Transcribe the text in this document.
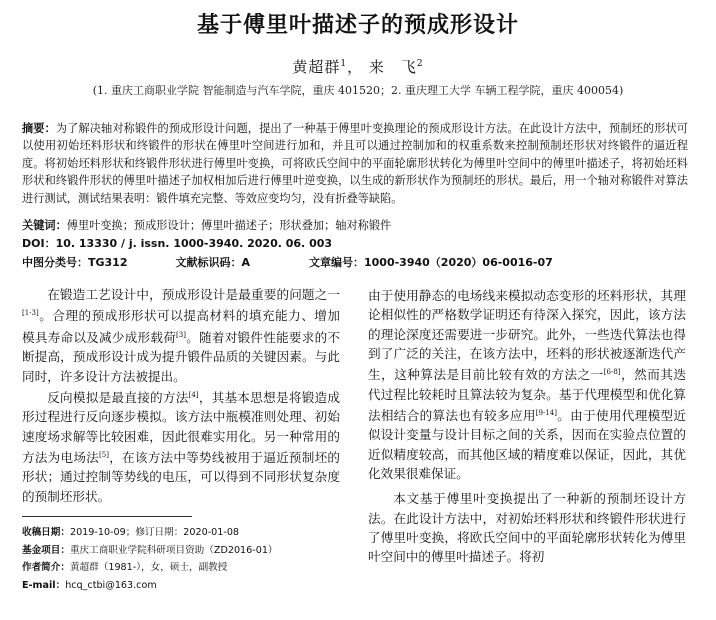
基于傅里叶描述子的预成形设计
黄超群$^1$， 来　飞$^2$
(1. 重庆工商职业学院 智能制造与汽车学院，重庆 401520；2. 重庆理工大学 车辆工程学院，重庆 400054)
摘要：为了解决轴对称锻件的预成形设计问题，提出了一种基于傅里叶变换理论的预成形设计方法。在此设计方法中，预制坯的形状可以使用初始坯料形状和终锻件的形状在傅里叶空间进行加和，并且可以通过控制加和的权重系数来控制预制坯形状对终锻件的逼近程度。将初始坯料形状和终锻件形状进行傅里叶变换，可将欧氏空间中的平面轮廓形状转化为傅里叶空间中的傅里叶描述子，将初始坯料形状和终锻件形状的傅里叶描述子加权相加后进行傅里叶逆变换，以生成的新形状作为预制坯的形状。最后，用一个轴对称锻件对算法进行测试，测试结果表明：锻件填充完整、等效应变均匀，没有折叠等缺陷。
关键词：傅里叶变换；预成形设计；傅里叶描述子；形状叠加；轴对称锻件
DOI：10. 13330 / j. issn. 1000-3940. 2020. 06. 003
中图分类号：TG312	文献标识码：A	文章编号：1000-3940（2020）06-0016-07

在锻造工艺设计中，预成形设计是最重要的问题之一[1-3]。合理的预成形形状可以提高材料的填充能力、增加模具寿命以及减少成形载荷[3]。随着对锻件性能要求的不断提高，预成形设计成为提升锻件品质的关键因素。与此同时，许多设计方法被提出。

反向模拟是最直接的方法[4]，其基本思想是将锻造成形过程进行反向逐步模拟。该方法中瓶模准则处理、初始速度场求解等比较困难，因此很难实用化。另一种常用的方法为电场法[5]，在该方法中等势线被用于逼近预制坯的形状；通过控制等势线的电压，可以得到不同形状复杂度的预制坯形状。

由于使用静态的电场线来模拟动态变形的坯料形状，其理论相似性的严格数学证明还有待深入探究，因此，该方法的理论深度还需要进一步研究。此外，一些迭代算法也得到了广泛的关注，在该方法中，坯料的形状被逐渐迭代产生，这种算法是目前比较有效的方法之一[6-8]，然而其迭代过程比较耗时且算法较为复杂。基于代理模型和优化算法相结合的算法也有较多应用[9-14]。由于使用代理模型近似设计变量与设计目标之间的关系，因而在实验点位置的近似精度较高，而其他区域的精度难以保证，因此，其优化效果很难保证。

本文基于傅里叶变换提出了一种新的预制坯设计方法。在此设计方法中，对初始坯料形状和终锻件形状进行了傅里叶变换，将欧氏空间中的平面轮廓形状转化为傅里叶空间中的傅里叶描述子。将初

收稿日期：2019-10-09；修订日期：2020-01-08
基金项目：重庆工商职业学院科研项目资助（ZD2016-01）
作者简介：黄超群（1981-），女，硕士，副教授
E-mail：hcq_ctbi@163.com
